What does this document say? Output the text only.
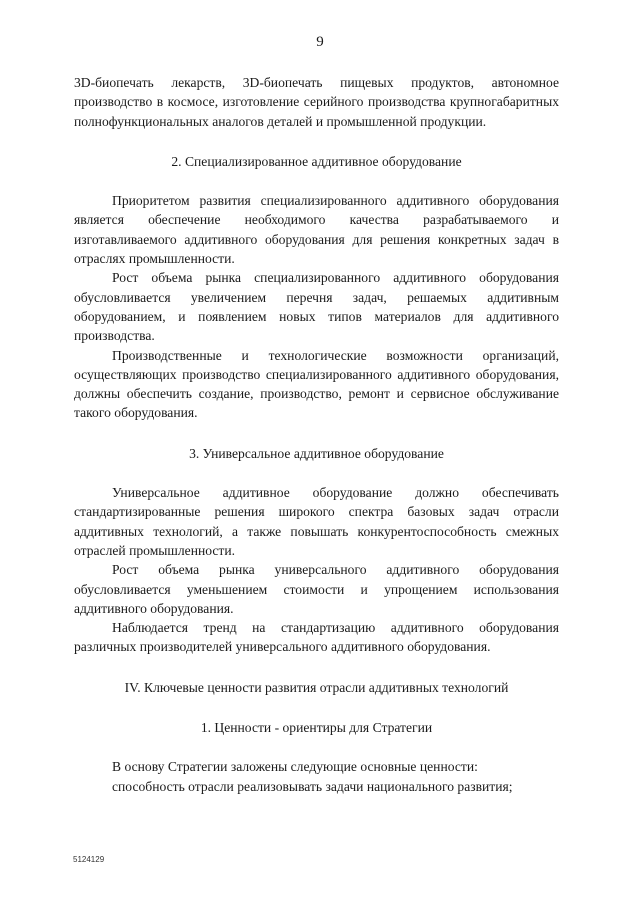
9

3D-биопечать лекарств, 3D-биопечать пищевых продуктов, автономное производство в космосе, изготовление серийного производства крупногабаритных полнофункциональных аналогов деталей и промышленной продукции.

2. Специализированное аддитивное оборудование

Приоритетом развития специализированного аддитивного оборудования является обеспечение необходимого качества разрабатываемого и изготавливаемого аддитивного оборудования для решения конкретных задач в отраслях промышленности.

Рост объема рынка специализированного аддитивного оборудования обусловливается увеличением перечня задач, решаемых аддитивным оборудованием, и появлением новых типов материалов для аддитивного производства.

Производственные и технологические возможности организаций, осуществляющих производство специализированного аддитивного оборудования, должны обеспечить создание, производство, ремонт и сервисное обслуживание такого оборудования.

3. Универсальное аддитивное оборудование

Универсальное аддитивное оборудование должно обеспечивать стандартизированные решения широкого спектра базовых задач отрасли аддитивных технологий, а также повышать конкурентоспособность смежных отраслей промышленности.

Рост объема рынка универсального аддитивного оборудования обусловливается уменьшением стоимости и упрощением использования аддитивного оборудования.

Наблюдается тренд на стандартизацию аддитивного оборудования различных производителей универсального аддитивного оборудования.

IV. Ключевые ценности развития отрасли аддитивных технологий

1. Ценности - ориентиры для Стратегии

В основу Стратегии заложены следующие основные ценности:

способность отрасли реализовывать задачи национального развития;

5124129
